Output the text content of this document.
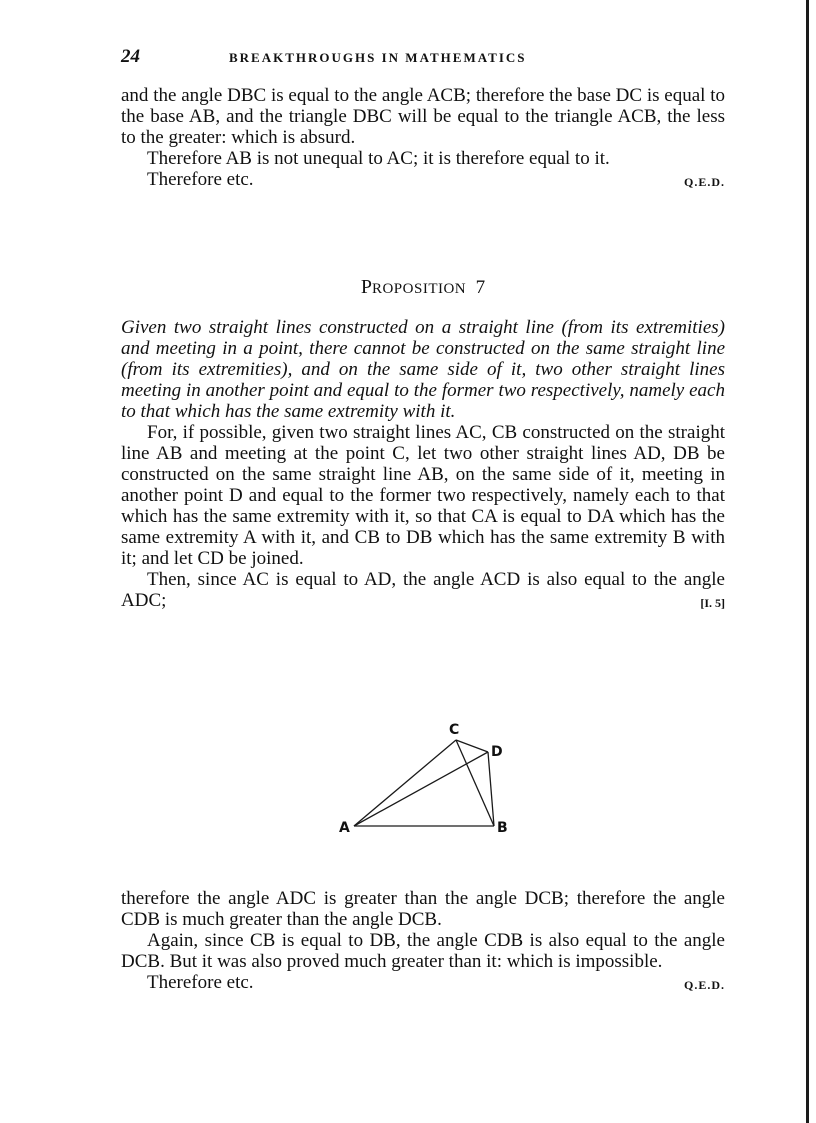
24	BREAKTHROUGHS IN MATHEMATICS

and the angle DBC is equal to the angle ACB; therefore the base DC is equal to the base AB, and the triangle DBC will be equal to the triangle ACB, the less to the greater: which is absurd.

Therefore AB is not unequal to AC; it is therefore equal to it.

Therefore etc.	Q.E.D.

PROPOSITION 7

Given two straight lines constructed on a straight line (from its extremities) and meeting in a point, there cannot be constructed on the same straight line (from its extremities), and on the same side of it, two other straight lines meeting in another point and equal to the former two respectively, namely each to that which has the same extremity with it.

For, if possible, given two straight lines AC, CB constructed on the straight line AB and meeting at the point C, let two other straight lines AD, DB be constructed on the same straight line AB, on the same side of it, meeting in another point D and equal to the former two respectively, namely each to that which has the same extremity with it, so that CA is equal to DA which has the same extremity A with it, and CB to DB which has the same extremity B with it; and let CD be joined.

Then, since AC is equal to AD, the angle ACD is also equal to the angle ADC;	[I. 5]

A	B
C
D

therefore the angle ADC is greater than the angle DCB; therefore the angle CDB is much greater than the angle DCB.

Again, since CB is equal to DB, the angle CDB is also equal to the angle DCB. But it was also proved much greater than it: which is impossible.

Therefore etc.	Q.E.D.
